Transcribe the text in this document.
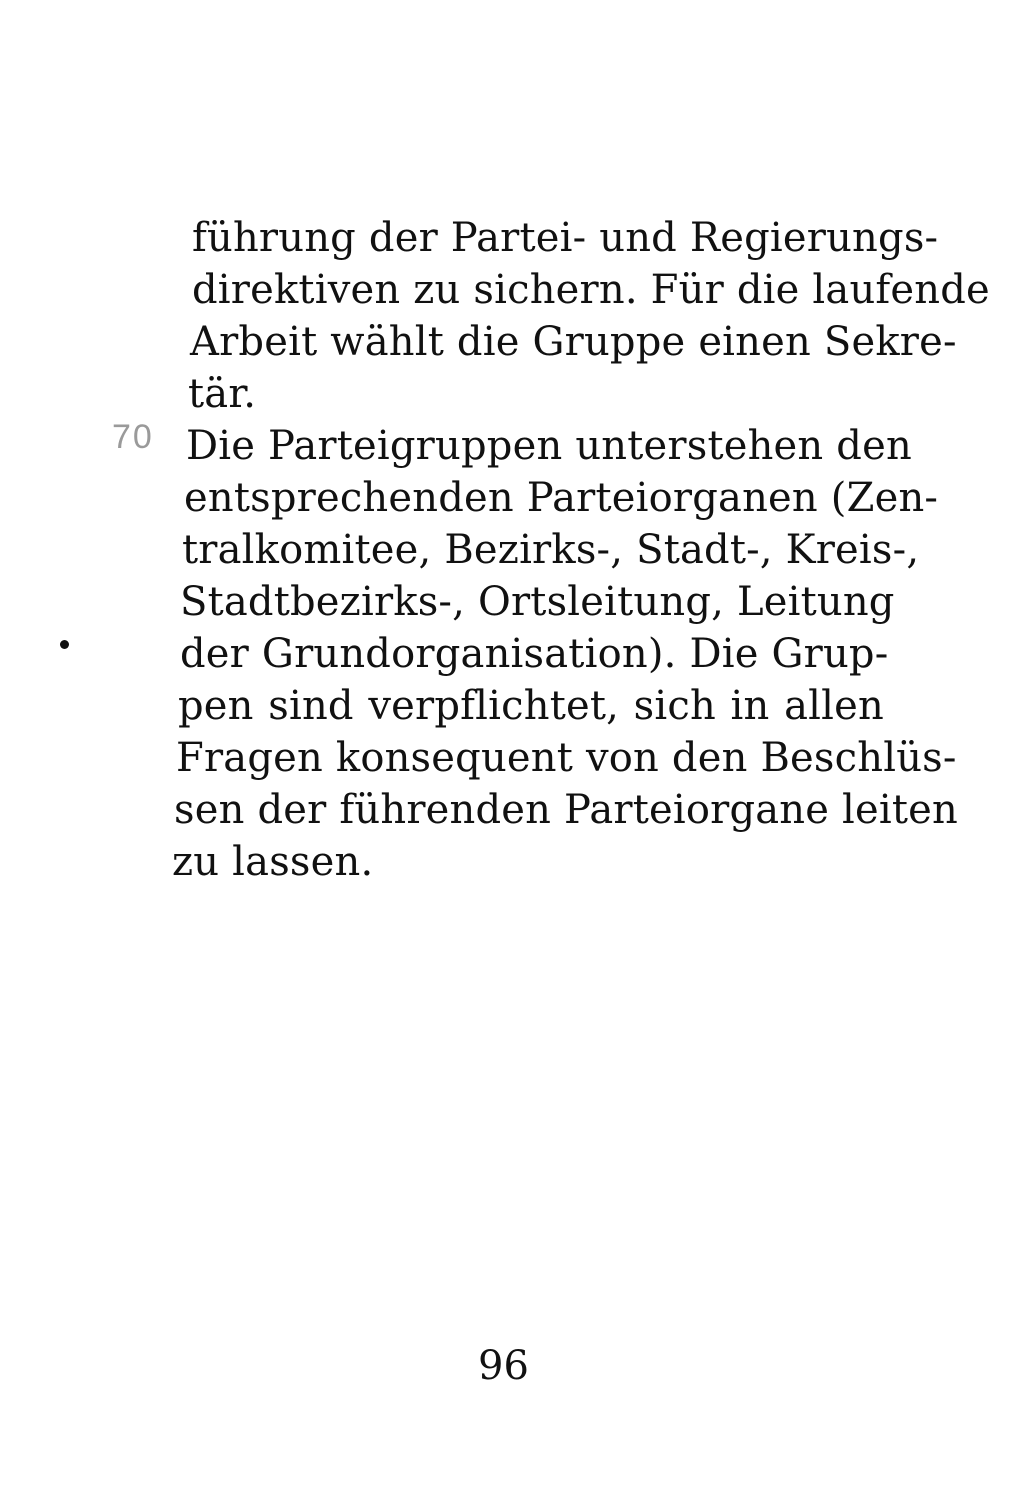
führung der Partei- und Regierungs-
direktiven zu sichern. Für die laufende
Arbeit wählt die Gruppe einen Sekre-
tär.
70 Die Parteigruppen unterstehen den
entsprechenden Parteiorganen (Zen-
tralkomitee, Bezirks-, Stadt-, Kreis-,
Stadtbezirks-, Ortsleitung, Leitung
der Grundorganisation). Die Grup-
pen sind verpflichtet, sich in allen
Fragen konsequent von den Beschlüs-
sen der führenden Parteiorgane leiten
zu lassen.
96
